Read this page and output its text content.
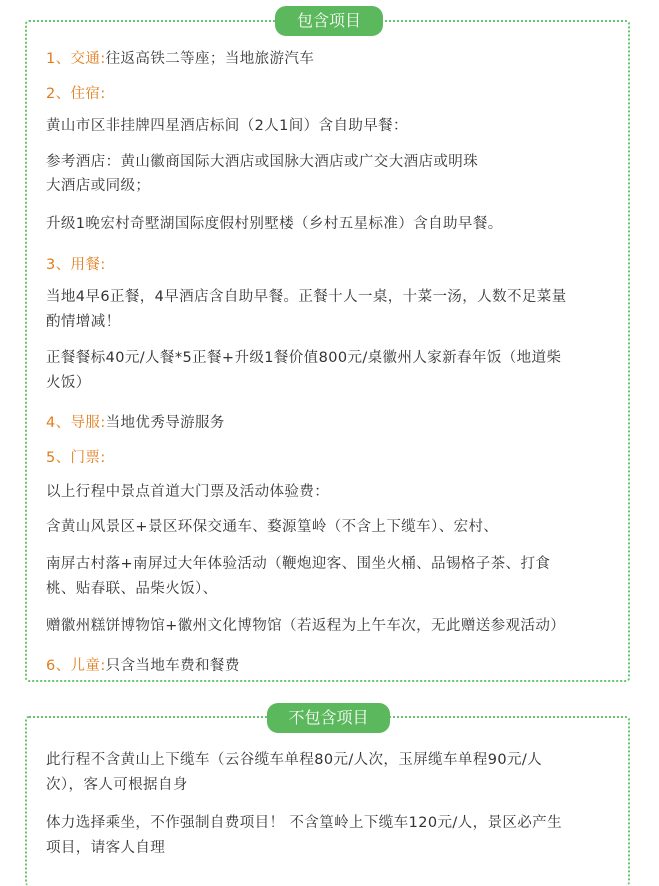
包含项目
1、交通:往返高铁二等座；当地旅游汽车
2、住宿:
黄山市区非挂牌四星酒店标间（2人1间）含自助早餐：
参考酒店：黄山徽商国际大酒店或国脉大酒店或广交大酒店或明珠
大酒店或同级；
升级1晚宏村奇墅湖国际度假村别墅楼（乡村五星标准）含自助早餐。
3、用餐:
当地4早6正餐，4早酒店含自助早餐。正餐十人一桌，十菜一汤，人数不足菜量
酌情增减！
正餐餐标40元/人餐*5正餐+升级1餐价值800元/桌徽州人家新春年饭（地道柴
火饭）
4、导服:当地优秀导游服务
5、门票:
以上行程中景点首道大门票及活动体验费：
含黄山风景区+景区环保交通车、婺源篁岭（不含上下缆车）、宏村、
南屏古村落+南屏过大年体验活动（鞭炮迎客、围坐火桶、品锡格子茶、打食
桃、贴春联、品柴火饭）、
赠徽州糕饼博物馆+徽州文化博物馆（若返程为上午车次，无此赠送参观活动）
6、儿童:只含当地车费和餐费
不包含项目
此行程不含黄山上下缆车（云谷缆车单程80元/人次，玉屏缆车单程90元/人
次），客人可根据自身
体力选择乘坐，不作强制自费项目！ 不含篁岭上下缆车120元/人，景区必产生
项目，请客人自理
